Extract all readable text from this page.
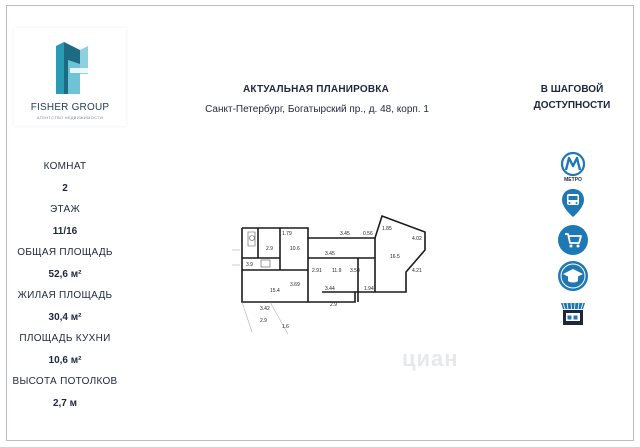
FISHER GROUP
АГЕНТСТВО НЕДВИЖИМОСТИ
КОМНАТ
2
ЭТАЖ
11/16
ОБЩАЯ ПЛОЩАДЬ
52,6 м²
ЖИЛАЯ ПЛОЩАДЬ
30,4 м²
ПЛОЩАДЬ КУХНИ
10,6 м²
ВЫСОТА ПОТОЛКОВ
2,7 м
АКТУАЛЬНАЯ ПЛАНИРОВКА
Санкт-Петербург, Богатырский пр., д. 48, корп. 1
В ШАГОВОЙ
ДОСТУПНОСТИ
МЕТРО
1.79	3.45	0.56
1.85
4.02
3.45
3.50
2.91	4.21
3.44	1.94
3.69
3.42
2.9
1.6
16.5
11.9
15.4
10.6
2.9
3.9
2.9
циан
